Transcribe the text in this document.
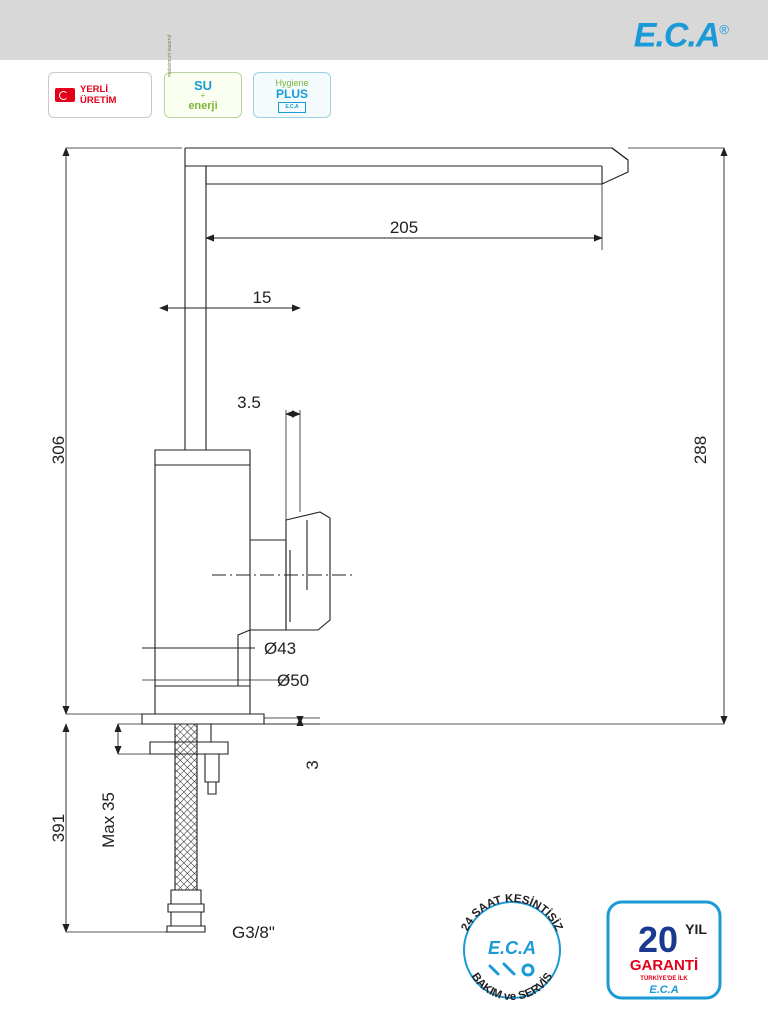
E.C.A®
YERLİ
ÜRETİM
maksimum tasarruf
SU
+
enerji
Hygiene
PLUS
E.C.A
205
15
3.5
306	288
391
Ø43
Ø50
3
Max 35
G3/8"	24 SAAT KESİNTİSİZ
BAKIM ve SERVİS
E.C.A	20 YIL
GARANTİ
TÜRKİYE'DE İLK
E.C.A
